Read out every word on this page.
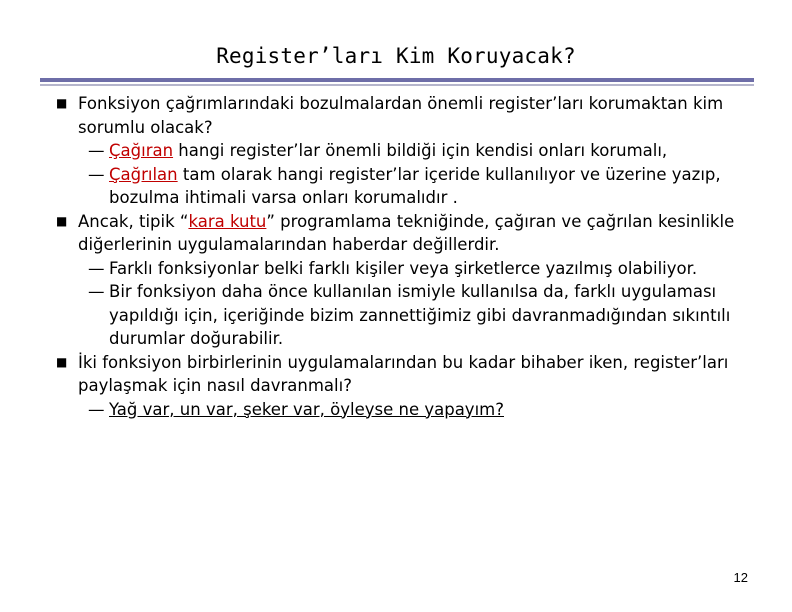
Register’ları Kim Koruyacak?
■ Fonksiyon çağrımlarındaki bozulmalardan önemli register’ları korumaktan kim sorumlu olacak?
— Çağıran hangi register’lar önemli bildiği için kendisi onları korumalı,
— Çağrılan tam olarak hangi register’lar içeride kullanılıyor ve üzerine yazıp, bozulma ihtimali varsa onları korumalıdır .
■ Ancak, tipik “kara kutu” programlama tekniğinde, çağıran ve çağrılan kesinlikle diğerlerinin uygulamalarından haberdar değillerdir.
— Farklı fonksiyonlar belki farklı kişiler veya şirketlerce yazılmış olabiliyor.
— Bir fonksiyon daha önce kullanılan ismiyle kullanılsa da, farklı uygulaması yapıldığı için, içeriğinde bizim zannettiğimiz gibi davranmadığından sıkıntılı durumlar doğurabilir.
■ İki fonksiyon birbirlerinin uygulamalarından bu kadar bihaber iken, register’ları paylaşmak için nasıl davranmalı?
— Yağ var, un var, şeker var, öyleyse ne yapayım?
12
